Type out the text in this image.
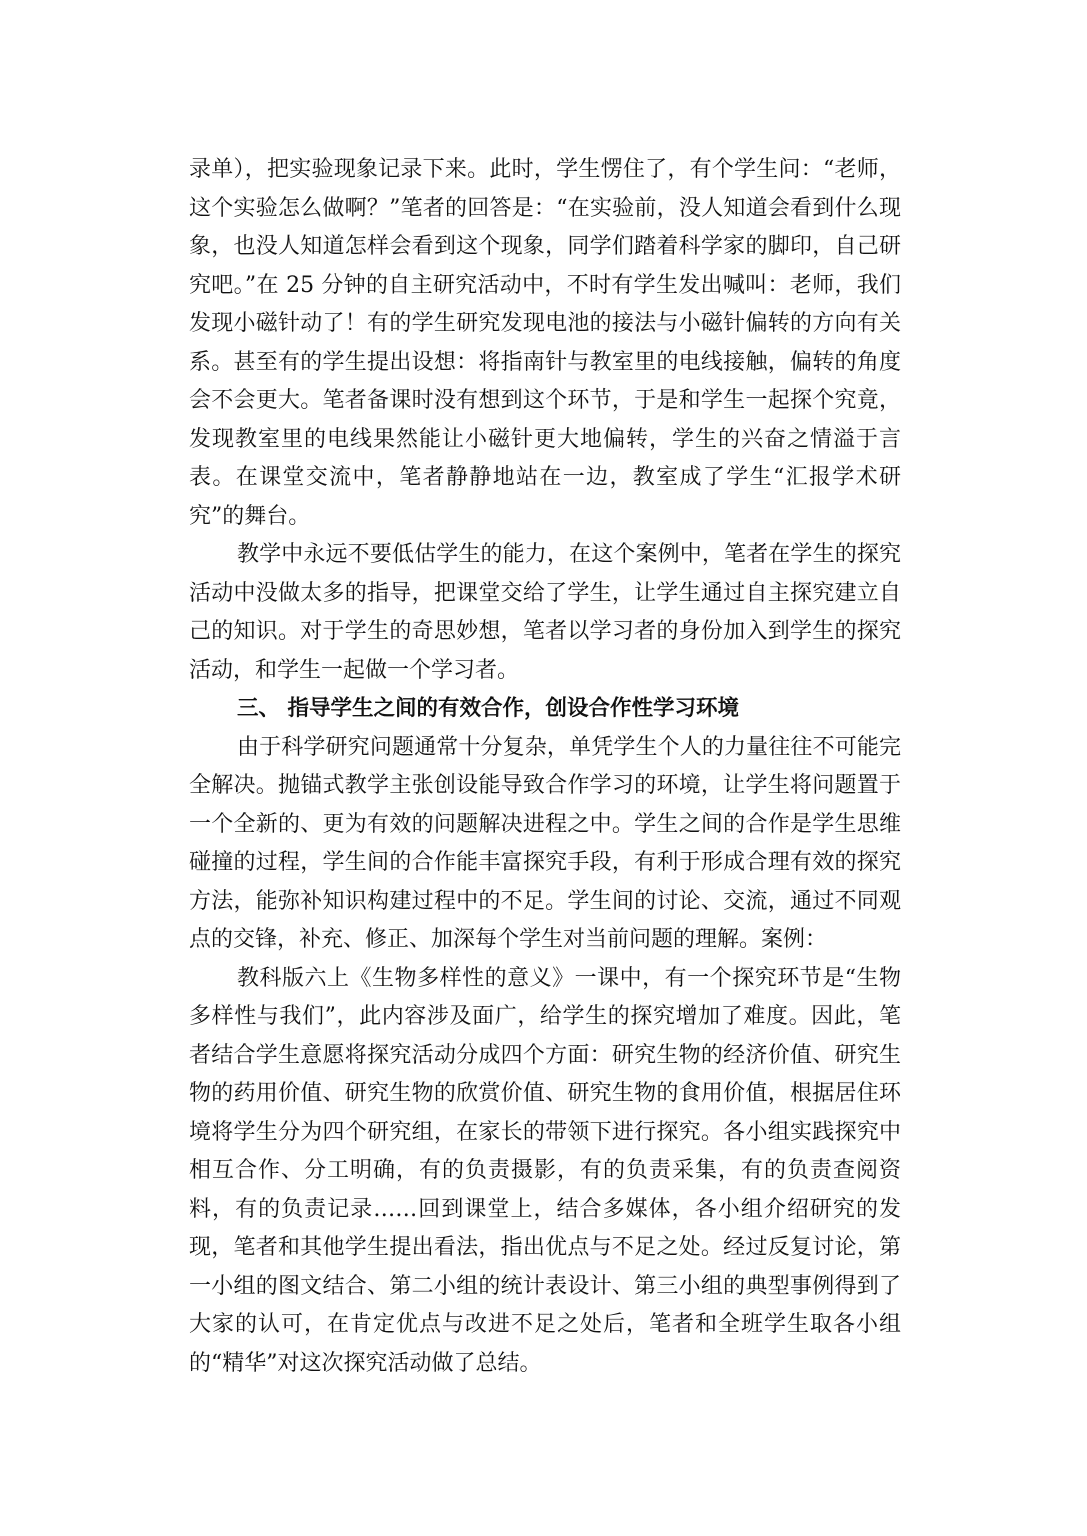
录单），把实验现象记录下来。此时，学生愣住了，有个学生问：“老师，这个实验怎么做啊？”笔者的回答是：“在实验前，没人知道会看到什么现象，也没人知道怎样会看到这个现象，同学们踏着科学家的脚印，自己研究吧。”在 25 分钟的自主研究活动中，不时有学生发出喊叫：老师，我们发现小磁针动了！有的学生研究发现电池的接法与小磁针偏转的方向有关系。甚至有的学生提出设想：将指南针与教室里的电线接触，偏转的角度会不会更大。笔者备课时没有想到这个环节，于是和学生一起探个究竟，发现教室里的电线果然能让小磁针更大地偏转，学生的兴奋之情溢于言表。在课堂交流中，笔者静静地站在一边，教室成了学生“汇报学术研究”的舞台。

教学中永远不要低估学生的能力，在这个案例中，笔者在学生的探究活动中没做太多的指导，把课堂交给了学生，让学生通过自主探究建立自己的知识。对于学生的奇思妙想，笔者以学习者的身份加入到学生的探究活动，和学生一起做一个学习者。

三、 指导学生之间的有效合作，创设合作性学习环境

由于科学研究问题通常十分复杂，单凭学生个人的力量往往不可能完全解决。抛锚式教学主张创设能导致合作学习的环境，让学生将问题置于一个全新的、更为有效的问题解决进程之中。学生之间的合作是学生思维碰撞的过程，学生间的合作能丰富探究手段，有利于形成合理有效的探究方法，能弥补知识构建过程中的不足。学生间的讨论、交流，通过不同观点的交锋，补充、修正、加深每个学生对当前问题的理解。案例：

教科版六上《生物多样性的意义》一课中，有一个探究环节是“生物多样性与我们”，此内容涉及面广，给学生的探究增加了难度。因此，笔者结合学生意愿将探究活动分成四个方面：研究生物的经济价值、研究生物的药用价值、研究生物的欣赏价值、研究生物的食用价值，根据居住环境将学生分为四个研究组，在家长的带领下进行探究。各小组实践探究中相互合作、分工明确，有的负责摄影，有的负责采集，有的负责查阅资料，有的负责记录……回到课堂上，结合多媒体，各小组介绍研究的发现，笔者和其他学生提出看法，指出优点与不足之处。经过反复讨论，第一小组的图文结合、第二小组的统计表设计、第三小组的典型事例得到了大家的认可，在肯定优点与改进不足之处后，笔者和全班学生取各小组的“精华”对这次探究活动做了总结。
